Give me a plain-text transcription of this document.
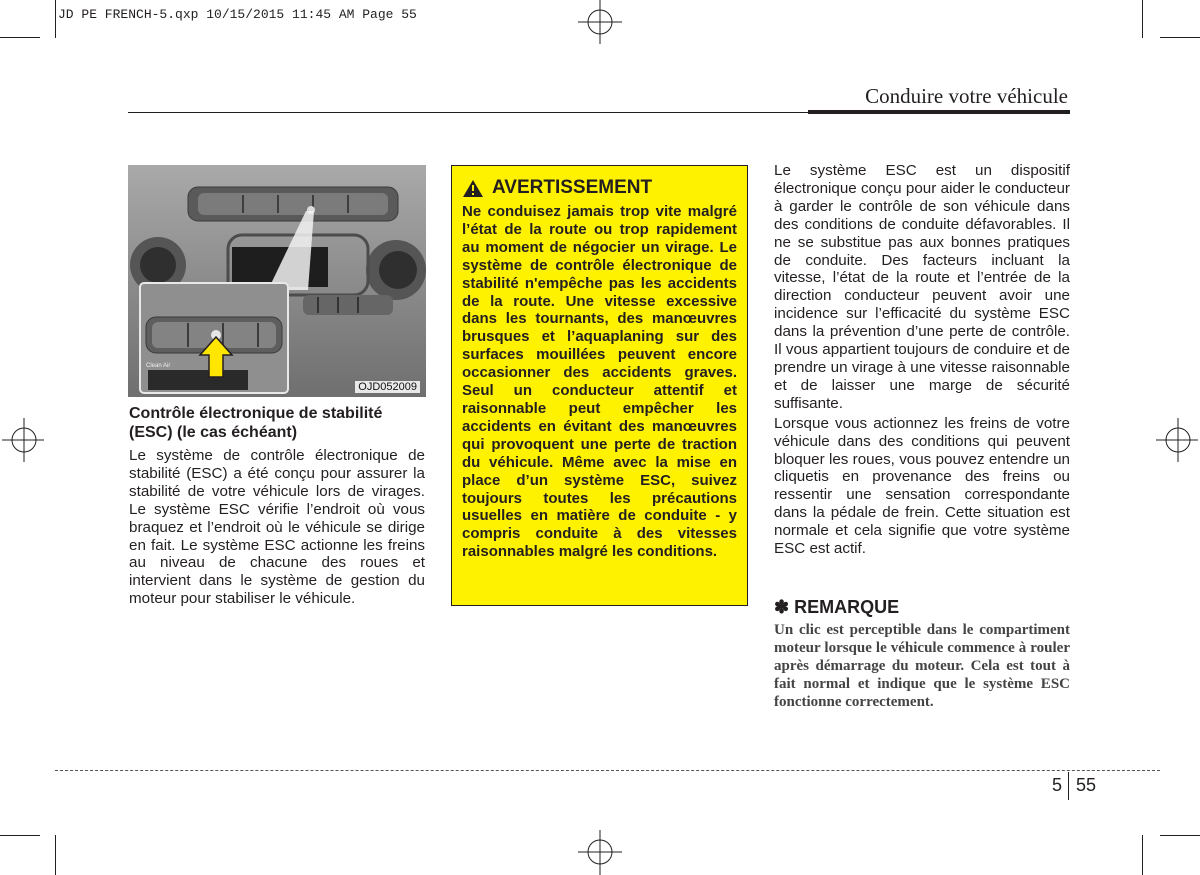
JD PE FRENCH-5.qxp 10/15/2015 11:45 AM Page 55
Conduire votre véhicule
Clean Air
OJD052009
Contrôle électronique de stabilité
(ESC) (le cas échéant)
Le système de contrôle électronique de stabilité (ESC) a été conçu pour assurer la stabilité de votre véhicule lors de virages. Le système ESC vérifie l’endroit où vous braquez et l’endroit où le véhicule se dirige en fait. Le système ESC actionne les freins au niveau de chacune des roues et intervient dans le système de gestion du moteur pour stabiliser le véhicule.
AVERTISSEMENT
Ne conduisez jamais trop vite malgré l’état de la route ou trop rapidement au moment de négocier un virage. Le système de contrôle électronique de stabilité n'empêche pas les accidents de la route. Une vitesse excessive dans les tournants, des manœuvres brusques et l’aquaplaning sur des surfaces mouillées peuvent encore occasionner des accidents graves. Seul un conducteur attentif et raisonnable peut empêcher les accidents en évitant des manœuvres qui provoquent une perte de traction du véhicule. Même avec la mise en place d’un système ESC, suivez toujours toutes les précautions usuelles en matière de conduite - y compris conduite à des vitesses raisonnables malgré les conditions.

Le système ESC est un dispositif électronique conçu pour aider le conducteur à garder le contrôle de son véhicule dans des conditions de conduite défavorables. Il ne se substitue pas aux bonnes pratiques de conduite. Des facteurs incluant la vitesse, l’état de la route et l’entrée de la direction conducteur peuvent avoir une incidence sur l’efficacité du système ESC dans la prévention d’une perte de contrôle. Il vous appartient toujours de conduire et de prendre un virage à une vitesse raisonnable et de laisser une marge de sécurité suffisante.

Lorsque vous actionnez les freins de votre véhicule dans des conditions qui peuvent bloquer les roues, vous pouvez entendre un cliquetis en provenance des freins ou ressentir une sensation correspondante dans la pédale de frein. Cette situation est normale et cela signifie que votre système ESC est actif.

✽ REMARQUE
Un clic est perceptible dans le compartiment moteur lorsque le véhicule commence à rouler après démarrage du moteur. Cela est tout à fait normal et indique que le système ESC fonctionne correctement.
5 55
